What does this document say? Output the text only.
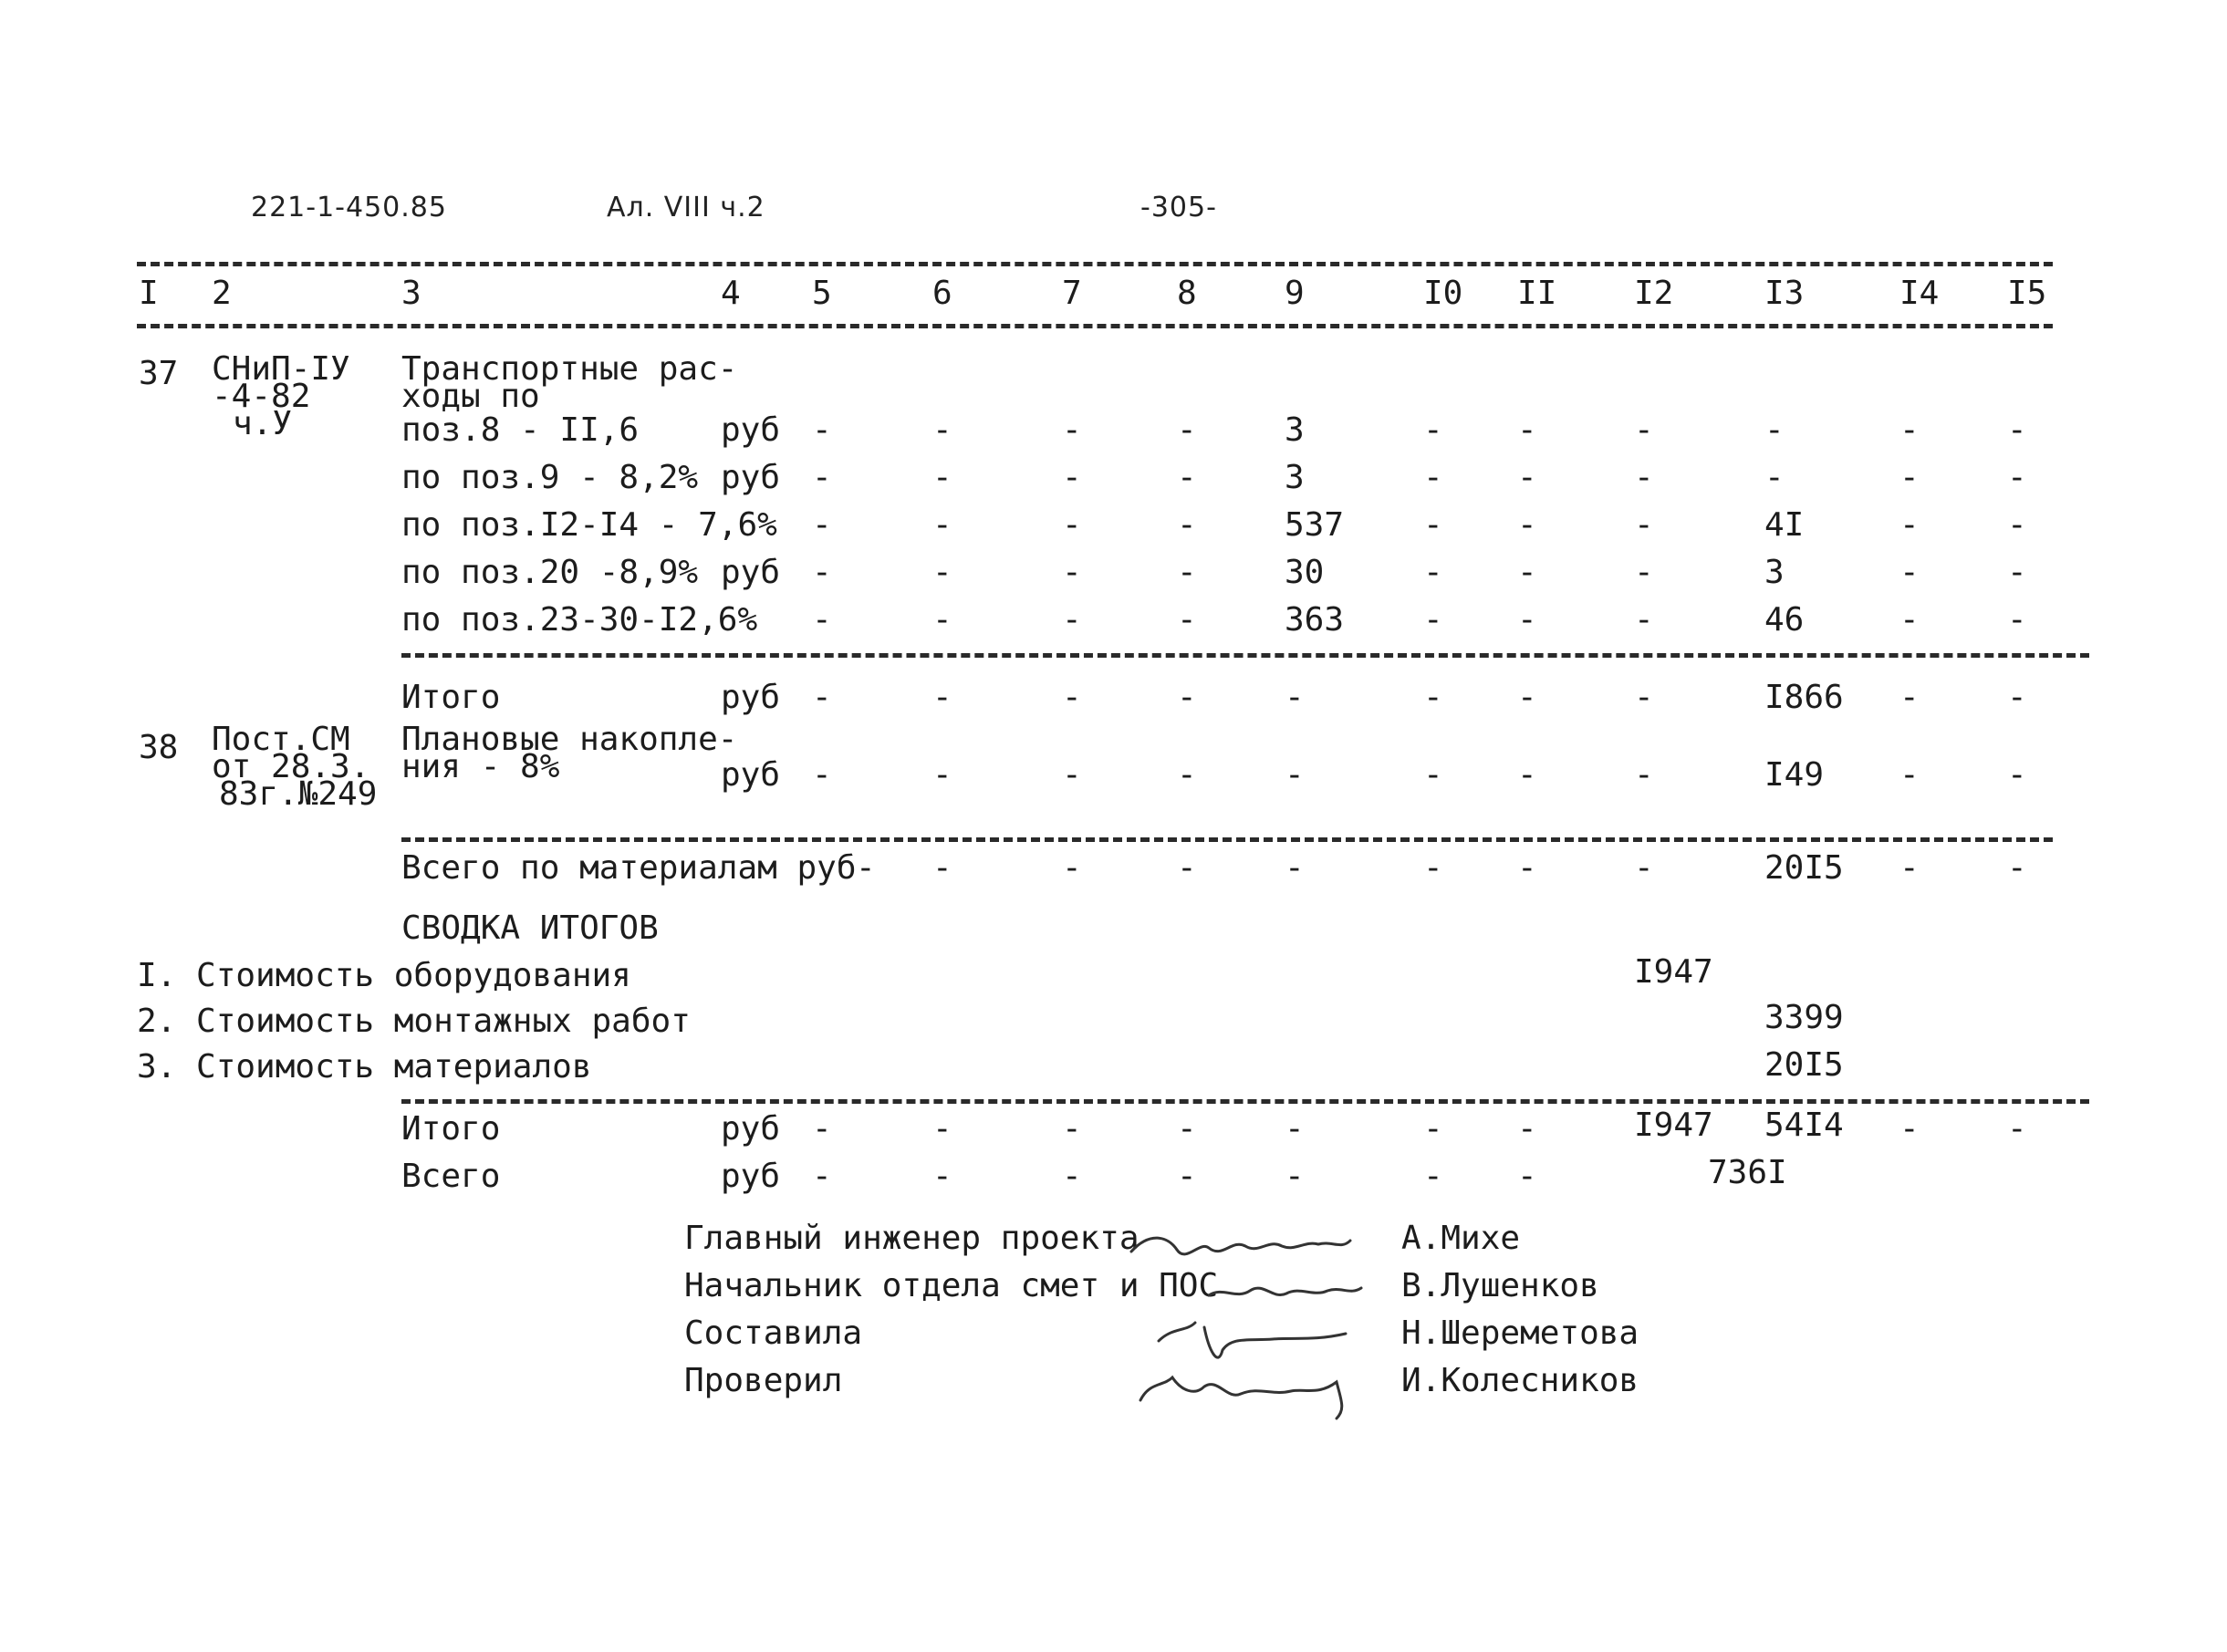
221-1-450.85	Ал. VIII ч.2	-305-
I 2	3	4 5	6	7	8	9	I0 II I2	I3	I4 I5
37 СНиП-IУ
-4-82
ч.У
Транспортные рас-
ходы по
поз.8 - II,6 руб -	-	-	-	3	- -	-	-	-	-
по поз.9 - 8,2% руб -	-	-	-	3	- -	-	-	-	-
по поз.I2-I4 - 7,6% -	-	-	-	537 - -	-	4I	-	-
по поз.20 -8,9% руб -	-	-	-	30	- -	-	3	-	-
по поз.23-30-I2,6% -	-	-	-	363 - -	-	46	-	-
Итого	руб -	-	-	-	-	- -	-	I866 -	-
38 Пост.СМ
от 28.3.
83г.№249
Плановые накопле-
ния - 8%	руб -	-	-	-	-	- -	-	I49 -	-
Всего по материалам руб - -	-	-	-	- -	-	20I5 -	-
СВОДКА ИТОГОВ
I. Стоимость оборудования	I947
2. Стоимость монтажных работ	3399
3. Стоимость материалов	20I5
Итого	руб -	-	-	-	-	- -	I947 54I4 -	-
Всего	руб -	-	-	-	-	- -	736I
Главный инженер проекта	А.Михе
Начальник отдела смет и ПОС	В.Лушенков
Составила	Н.Шереметова
Проверил	И.Колесников
